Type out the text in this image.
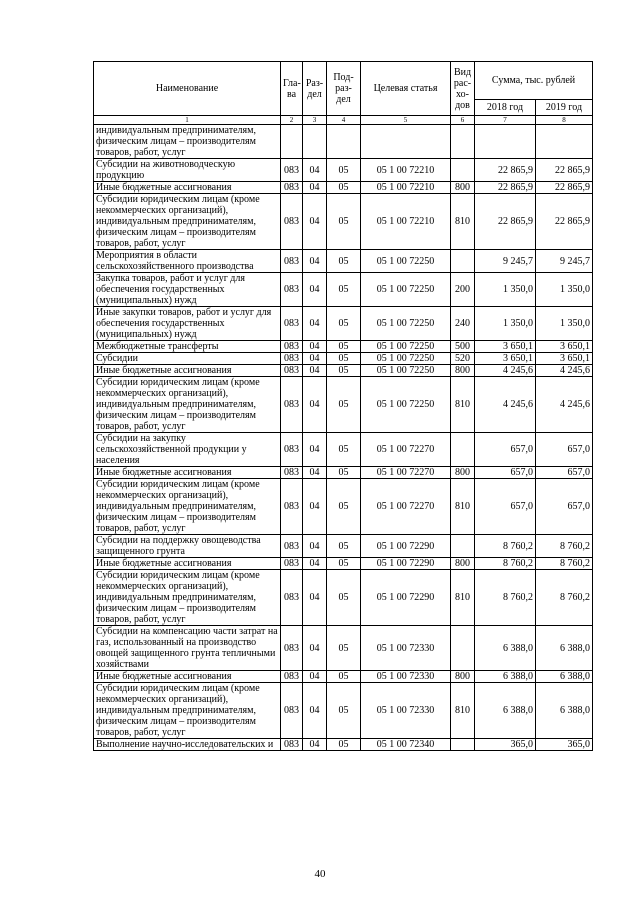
Наименование	Гла-ва	Раз-дел	Под-раз-дел	Целевая статья	Вид рас-хо-дов	Сумма, тыс. рублей	
						2018 год	2019 год
1	2	3	4	5	6	7	8
индивидуальным предпринимателям, физическим лицам – производителям товаров, работ, услуг							
Субсидии на животноводческую продукцию	083	04	05	05 1 00 72210		22 865,9	22 865,9
Иные бюджетные ассигнования	083	04	05	05 1 00 72210	800	22 865,9	22 865,9
Субсидии юридическим лицам (кроме некоммерческих организаций), индивидуальным предпринимателям, физическим лицам – производителям товаров, работ, услуг	083	04	05	05 1 00 72210	810	22 865,9	22 865,9
Мероприятия в области сельскохозяйственного производства	083	04	05	05 1 00 72250		9 245,7	9 245,7
Закупка товаров, работ и услуг для обеспечения государственных (муниципальных) нужд	083	04	05	05 1 00 72250	200	1 350,0	1 350,0
Иные закупки товаров, работ и услуг для обеспечения государственных (муниципальных) нужд	083	04	05	05 1 00 72250	240	1 350,0	1 350,0
Межбюджетные трансферты	083	04	05	05 1 00 72250	500	3 650,1	3 650,1
Субсидии	083	04	05	05 1 00 72250	520	3 650,1	3 650,1
Иные бюджетные ассигнования	083	04	05	05 1 00 72250	800	4 245,6	4 245,6
Субсидии юридическим лицам (кроме некоммерческих организаций), индивидуальным предпринимателям, физическим лицам – производителям товаров, работ, услуг	083	04	05	05 1 00 72250	810	4 245,6	4 245,6
Субсидии на закупку сельскохозяйственной продукции у населения	083	04	05	05 1 00 72270		657,0	657,0
Иные бюджетные ассигнования	083	04	05	05 1 00 72270	800	657,0	657,0
Субсидии юридическим лицам (кроме некоммерческих организаций), индивидуальным предпринимателям, физическим лицам – производителям товаров, работ, услуг	083	04	05	05 1 00 72270	810	657,0	657,0
Субсидии на поддержку овощеводства защищенного грунта	083	04	05	05 1 00 72290		8 760,2	8 760,2
Иные бюджетные ассигнования	083	04	05	05 1 00 72290	800	8 760,2	8 760,2
Субсидии юридическим лицам (кроме некоммерческих организаций), индивидуальным предпринимателям, физическим лицам – производителям товаров, работ, услуг	083	04	05	05 1 00 72290	810	8 760,2	8 760,2
Субсидии на компенсацию части затрат на газ, использованный на производство овощей защищенного грунта тепличными хозяйствами	083	04	05	05 1 00 72330		6 388,0	6 388,0
Иные бюджетные ассигнования	083	04	05	05 1 00 72330	800	6 388,0	6 388,0
Субсидии юридическим лицам (кроме некоммерческих организаций), индивидуальным предпринимателям, физическим лицам – производителям товаров, работ, услуг	083	04	05	05 1 00 72330	810	6 388,0	6 388,0
Выполнение научно-исследовательских и	083	04	05	05 1 00 72340		365,0	365,0
40
